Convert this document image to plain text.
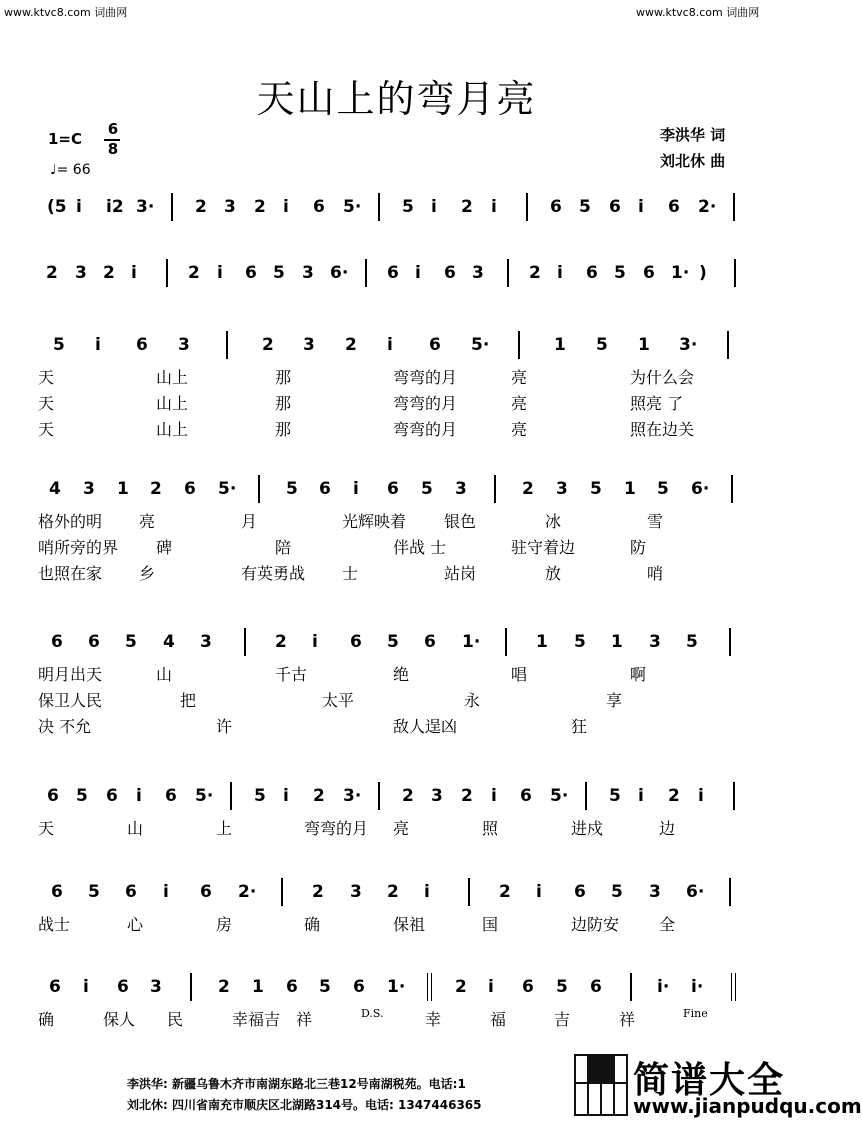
www.ktvc8.com 词曲网	www.ktvc8.com 词曲网
天山上的弯月亮
1=C
6
8
♩= 66
李洪华 词
刘北休 曲
(5 i i2 3· 2 3 2 i 6 5· 5 i 2 i	6 5 6 i 6 2·
2 3 2 i	2 i 6 5 3 6· 6 i 6 3	2 i 6 5 6 1· )
5 i 6 3	2 3 2 i 6 5·	1 5 1 3·
天	山上	那	弯弯的月	亮	为什么会
天	山上	那	弯弯的月	亮	照亮 了
天	山上	那	弯弯的月	亮	照在边关
4 3 1 2 6 5·	5 6 i 6 5 3	2 3 5 1 5 6·
格外的明 亮	月	光辉映着 银色	冰	雪
哨所旁的界 碑	陪	伴战 士	驻守着边	防
也照在家 乡	有英勇战 士	站岗	放	哨
6 6 5 4 3	2 i 6 5 6 1·	1 5 1 3 5
明月出天	山	千古	绝	唱	啊
保卫人民	把	太平	永	享
决 不允	许	敌人逞凶	狂
6 5 6 i 6 5· 5 i 2 3· 2 3 2 i 6 5· 5 i 2 i
天	山	上	弯弯的月 亮	照	进戍	边
6 5 6 i 6 2·	2 3 2 i	2 i 6 5 3 6·
战士	心	房	确	保祖	国	边防安 全
6 i 6 3	2 1 6 5 6 1·	2 i 6 5 6	i· i·
确	保人 民	幸福吉 祥	D.S.	幸	福	吉	祥	Fine
李洪华: 新疆乌鲁木齐市南湖东路北三巷12号南湖税苑。电话:1
刘北休: 四川省南充市顺庆区北湖路314号。电话: 1347446365
简谱大全
www.jianpudqu.com
